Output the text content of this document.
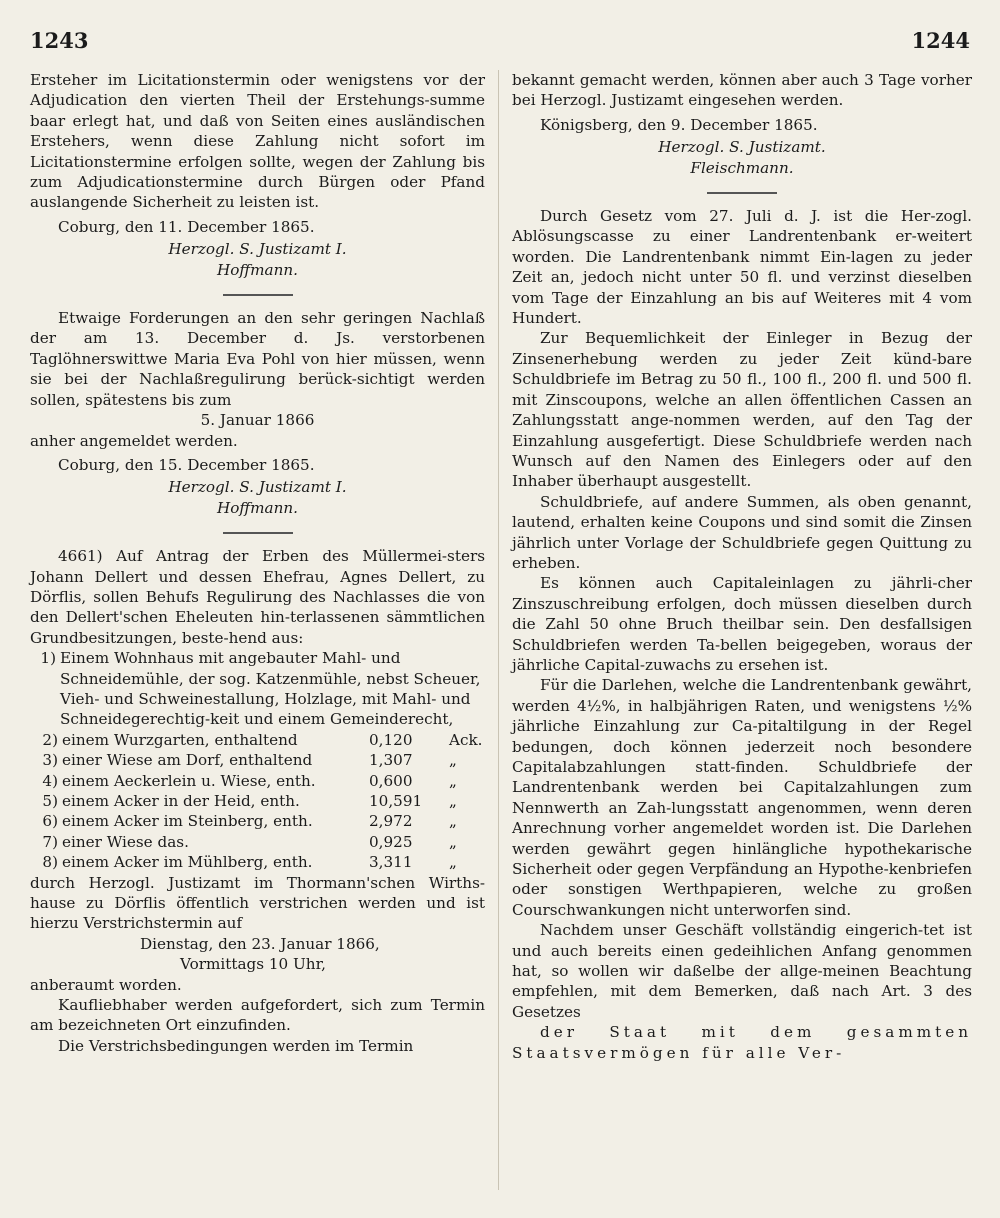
1243	1244

Ersteher im Licitationstermin oder wenigstens vor der Adjudication den vierten Theil der Erstehungs-summe baar erlegt hat, und daß von Seiten eines ausländischen Erstehers, wenn diese Zahlung nicht sofort im Licitationstermine erfolgen sollte, wegen der Zahlung bis zum Adjudicationstermine durch Bürgen oder Pfand auslangende Sicherheit zu leisten ist.

Coburg, den 11. December 1865.

Herzogl. S. Justizamt I.

Hoffmann.

Etwaige Forderungen an den sehr geringen Nachlaß der am 13. December d. Js. verstorbenen Taglöhnerswittwe Maria Eva Pohl von hier müssen, wenn sie bei der Nachlaßregulirung berück-sichtigt werden sollen, spätestens bis zum

5. Januar 1866

anher angemeldet werden.

Coburg, den 15. December 1865.

Herzogl. S. Justizamt I.

Hoffmann.

4661) Auf Antrag der Erben des Müllermei-sters Johann Dellert und dessen Ehefrau, Agnes Dellert, zu Dörflis, sollen Behufs Regulirung des Nachlasses die von den Dellert'schen Eheleuten hin-terlassenen sämmtlichen Grundbesitzungen, beste-hend aus:

1) Einem Wohnhaus mit angebauter Mahl- und Schneidemühle, der sog. Katzenmühle, nebst Scheuer, Vieh- und Schweinestallung, Holzlage, mit Mahl- und Schneidegerechtig-keit und einem Gemeinderecht,
2) einem Wurzgarten, enthaltend	0,120	Ack.
3) einer Wiese am Dorf, enthaltend	1,307	„
4) einem Aeckerlein u. Wiese, enth.	0,600	„
5) einem Acker in der Heid, enth.	10,591	„
6) einem Acker im Steinberg, enth.	2,972	„
7) einer Wiese das.	0,925	„
8) einem Acker im Mühlberg, enth.	3,311	„

durch Herzogl. Justizamt im Thormann'schen Wirths-hause zu Dörflis öffentlich verstrichen werden und ist hierzu Verstrichstermin auf

Dienstag, den 23. Januar 1866,

Vormittags 10 Uhr,

anberaumt worden.

Kaufliebhaber werden aufgefordert, sich zum Termin am bezeichneten Ort einzufinden.

Die Verstrichsbedingungen werden im Termin

bekannt gemacht werden, können aber auch 3 Tage vorher bei Herzogl. Justizamt eingesehen werden.

Königsberg, den 9. December 1865.

Herzogl. S. Justizamt.

Fleischmann.

Durch Gesetz vom 27. Juli d. J. ist die Her-zogl. Ablösungscasse zu einer Landrentenbank er-weitert worden. Die Landrentenbank nimmt Ein-lagen zu jeder Zeit an, jedoch nicht unter 50 fl. und verzinst dieselben vom Tage der Einzahlung an bis auf Weiteres mit 4 vom Hundert.

Zur Bequemlichkeit der Einleger in Bezug der Zinsenerhebung werden zu jeder Zeit künd-bare Schuldbriefe im Betrag zu 50 fl., 100 fl., 200 fl. und 500 fl. mit Zinscoupons, welche an allen öffentlichen Cassen an Zahlungsstatt ange-nommen werden, auf den Tag der Einzahlung ausgefertigt. Diese Schuldbriefe werden nach Wunsch auf den Namen des Einlegers oder auf den Inhaber überhaupt ausgestellt.

Schuldbriefe, auf andere Summen, als oben genannt, lautend, erhalten keine Coupons und sind somit die Zinsen jährlich unter Vorlage der Schuldbriefe gegen Quittung zu erheben.

Es können auch Capitaleinlagen zu jährli-cher Zinszuschreibung erfolgen, doch müssen dieselben durch die Zahl 50 ohne Bruch theilbar sein. Den desfallsigen Schuldbriefen werden Ta-bellen beigegeben, woraus der jährliche Capital-zuwachs zu ersehen ist.

Für die Darlehen, welche die Landrentenbank gewährt, werden 4½%, in halbjährigen Raten, und wenigstens ½% jährliche Einzahlung zur Ca-pitaltilgung in der Regel bedungen, doch können jederzeit noch besondere Capitalabzahlungen statt-finden. Schuldbriefe der Landrentenbank werden bei Capitalzahlungen zum Nennwerth an Zah-lungsstatt angenommen, wenn deren Anrechnung vorher angemeldet worden ist. Die Darlehen werden gewährt gegen hinlängliche hypothekarische Sicherheit oder gegen Verpfändung an Hypothe-kenbriefen oder sonstigen Werthpapieren, welche zu großen Courschwankungen nicht unterworfen sind.

Nachdem unser Geschäft vollständig eingerich-tet ist und auch bereits einen gedeihlichen Anfang genommen hat, so wollen wir daßelbe der allge-meinen Beachtung empfehlen, mit dem Bemerken, daß nach Art. 3 des Gesetzes

der Staat mit dem gesammten Staatsvermögen für alle Ver-
